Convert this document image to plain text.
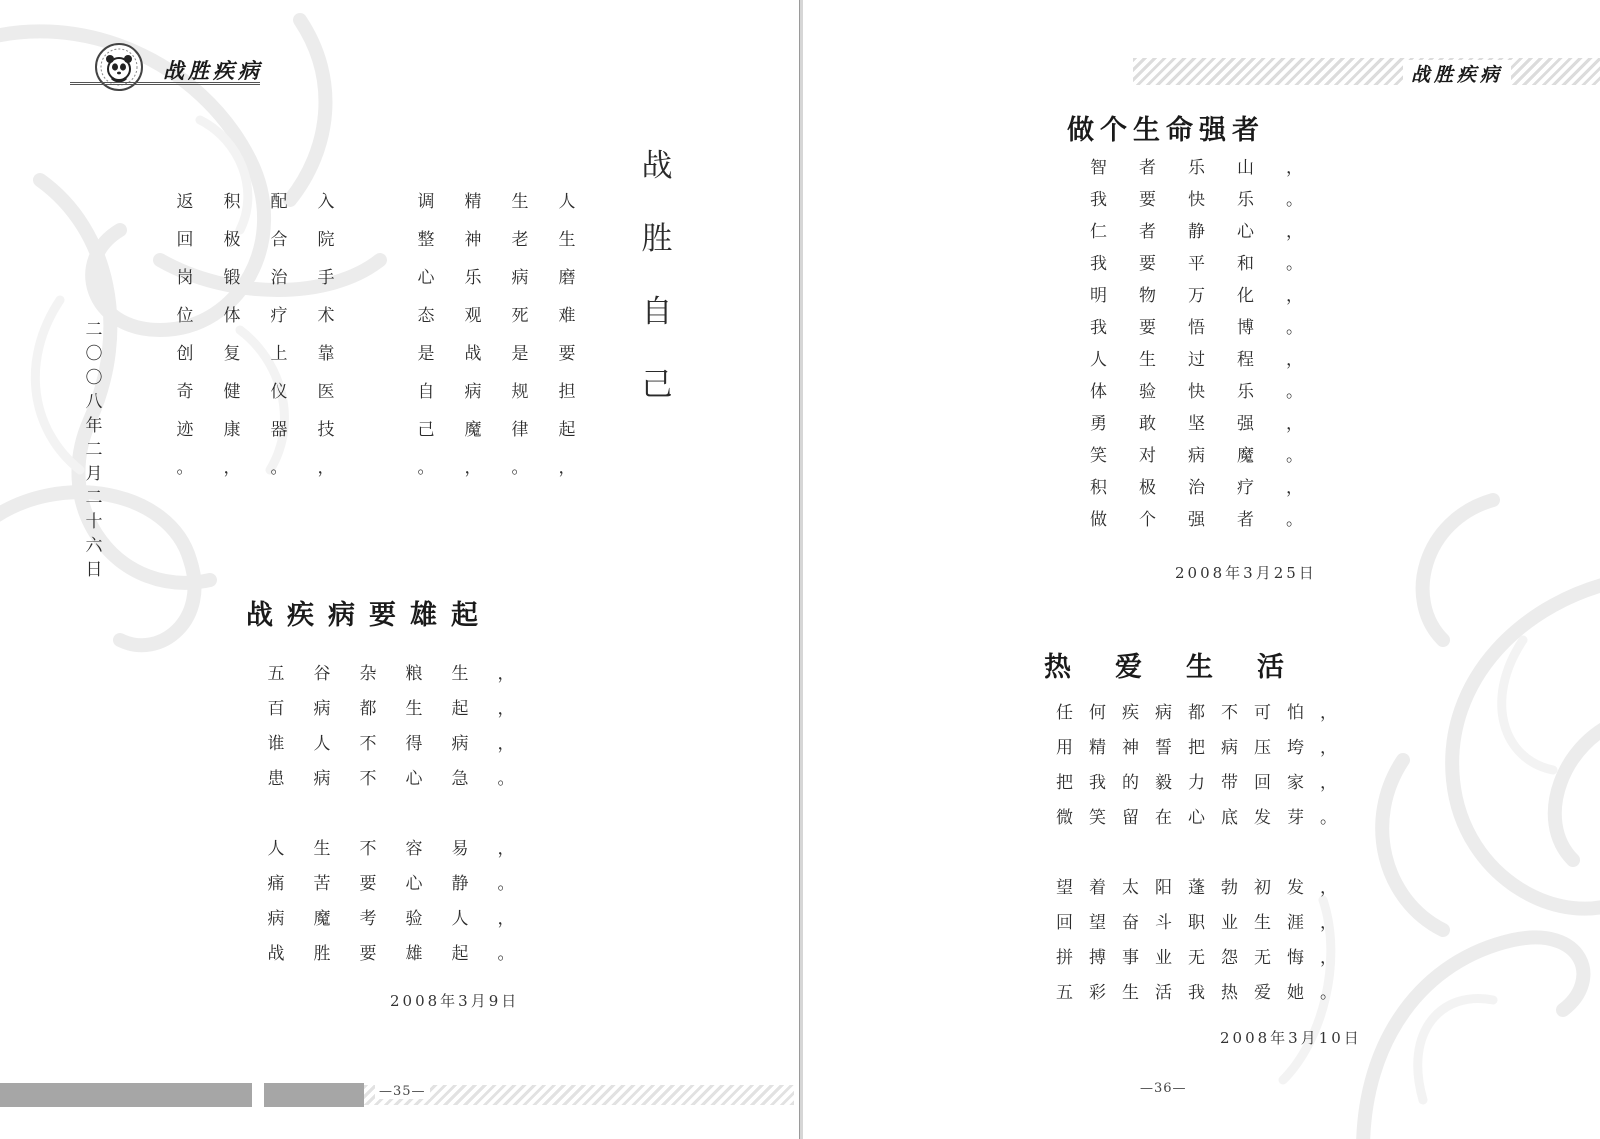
战胜疾病
战
胜
自
己
返
回
岗
位
创
奇
迹
。
积
极
锻
体
复
健
康
，
配
合
治
疗
上
仪
器
。
入
院
手
术
靠
医
技
，
调
整
心
态
是
自
己
。
精
神
乐
观
战
病
魔
，
生
老
病
死
是
规
律
。
人
生
磨
难
要
担
起
，
二
〇
〇
八
年
二
月
二
十
六
日
战疾病要雄起
五 谷 杂 粮 生 ，
百 病 都 生 起 ，
谁 人 不 得 病 ，
患 病 不 心 急 。
人 生 不 容 易 ，
痛 苦 要 心 静 。
病 魔 考 验 人 ，
战 胜 要 雄 起 。
2008年3月9日
—35—
战胜疾病
做个生命强者
智 者 乐 山 ，
我 要 快 乐 。
仁 者 静 心 ，
我 要 平 和 。
明 物 万 化 ，
我 要 悟 博 。
人 生 过 程 ，
体 验 快 乐 。
勇 敢 坚 强 ，
笑 对 病 魔 。
积 极 治 疗 ，
做 个 强 者 。
2008年3月25日
热爱生活
任 何 疾 病 都 不 可 怕 ，
用 精 神 誓 把 病 压 垮 ，
把 我 的 毅 力 带 回 家 ，
微 笑 留 在 心 底 发 芽 。
望 着 太 阳 蓬 勃 初 发 ，
回 望 奋 斗 职 业 生 涯 ，
拼 搏 事 业 无 怨 无 悔 ，
五 彩 生 活 我 热 爱 她 。
2008年3月10日
—36—
